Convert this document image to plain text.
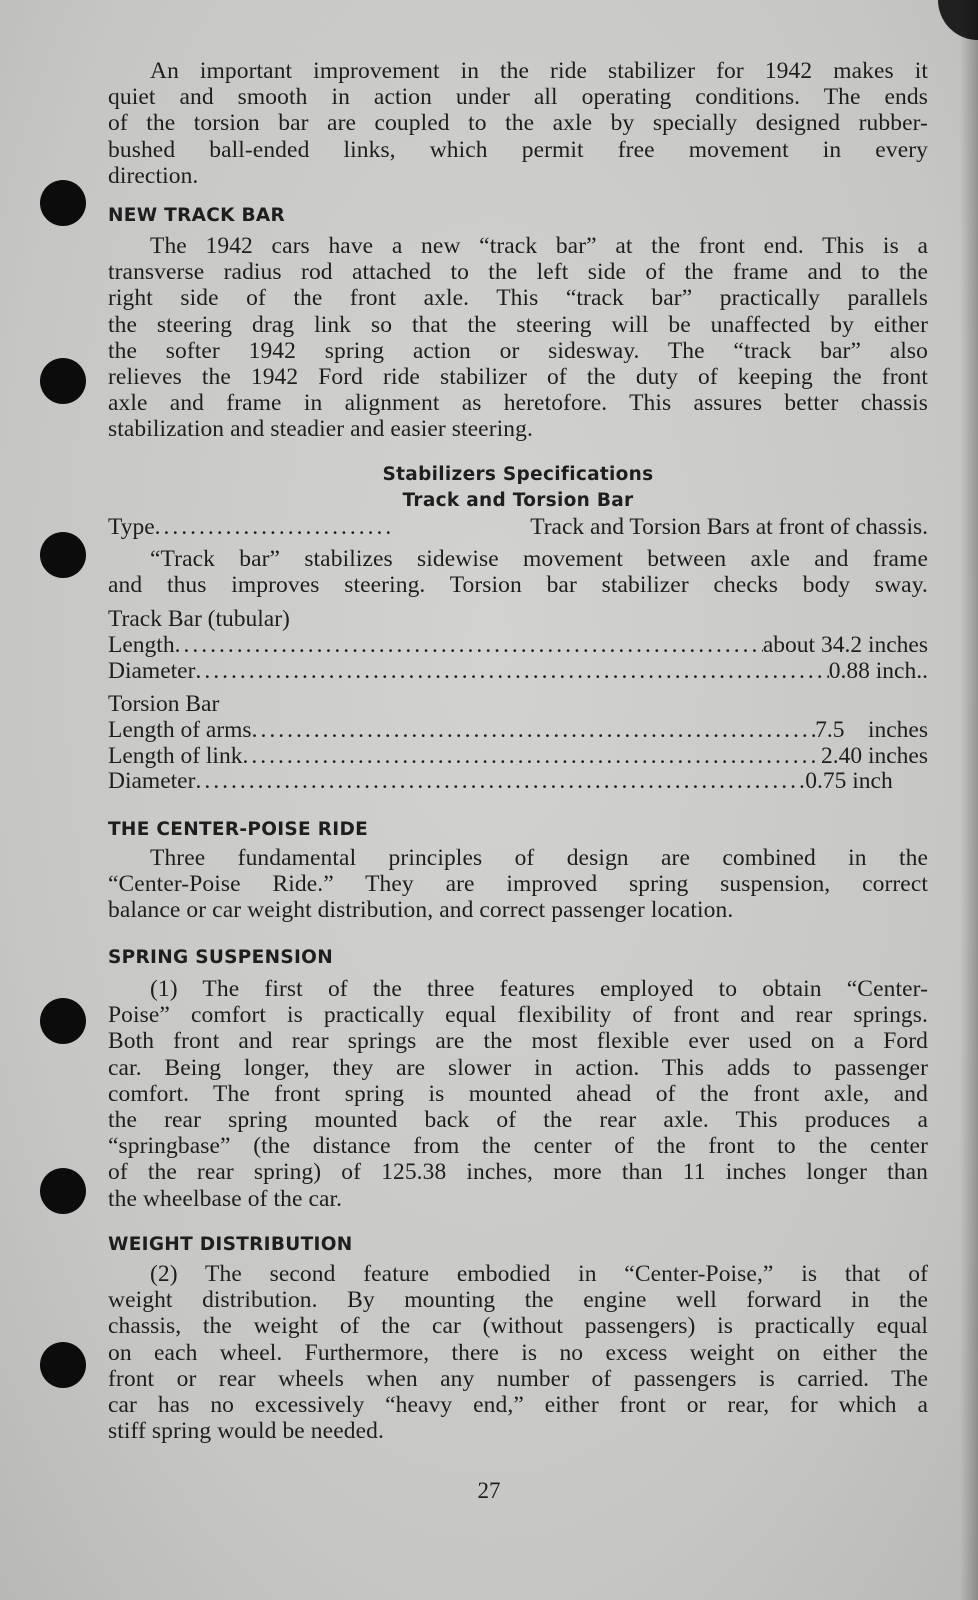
An important improvement in the ride stabilizer for 1942 makes it
quiet and smooth in action under all operating conditions. The ends
of the torsion bar are coupled to the axle by specially designed rubber-
bushed ball-ended links, which permit free movement in every
direction.
NEW TRACK BAR
The 1942 cars have a new “track bar” at the front end. This is a
transverse radius rod attached to the left side of the frame and to the
right side of the front axle. This “track bar” practically parallels
the steering drag link so that the steering will be unaffected by either
the softer 1942 spring action or sidesway. The “track bar” also
relieves the 1942 Ford ride stabilizer of the duty of keeping the front
axle and frame in alignment as heretofore. This assures better chassis
stabilization and steadier and easier steering.
Stabilizers Specifications
Track and Torsion Bar
Type .....	Track and Torsion Bars at front of chassis.
“Track bar” stabilizes sidewise movement between axle and frame
and thus improves steering. Torsion bar stabilizer checks body sway.
Track Bar (tubular)
Length .....	about 34.2 inches
Diameter .....	0.88 inch..
Torsion Bar
Length of arms .....	7.5 inches
Length of link .....	2.40 inches
Diameter .....	0.75 inch  
THE CENTER-POISE RIDE
Three fundamental principles of design are combined in the
“Center-Poise Ride.” They are improved spring suspension, correct
balance or car weight distribution, and correct passenger location.
SPRING SUSPENSION
(1) The first of the three features employed to obtain “Center-
Poise” comfort is practically equal flexibility of front and rear springs.
Both front and rear springs are the most flexible ever used on a Ford
car. Being longer, they are slower in action. This adds to passenger
comfort. The front spring is mounted ahead of the front axle, and
the rear spring mounted back of the rear axle. This produces a
“springbase” (the distance from the center of the front to the center
of the rear spring) of 125.38 inches, more than 11 inches longer than
the wheelbase of the car.
WEIGHT DISTRIBUTION
(2) The second feature embodied in “Center-Poise,” is that of
weight distribution. By mounting the engine well forward in the
chassis, the weight of the car (without passengers) is practically equal
on each wheel. Furthermore, there is no excess weight on either the
front or rear wheels when any number of passengers is carried. The
car has no excessively “heavy end,” either front or rear, for which a
stiff spring would be needed.
27
